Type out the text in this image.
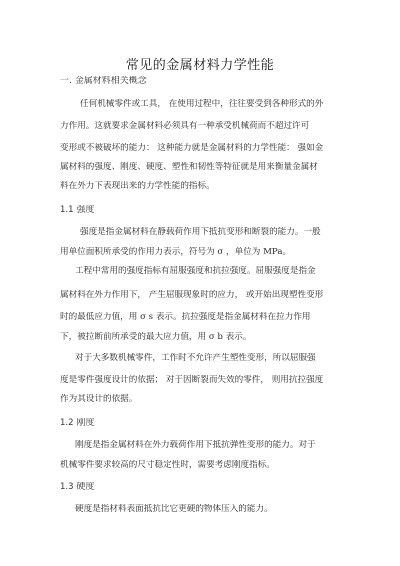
常见的金属材料力学性能
一. 金属材料相关概念
任何机械零件或工具， 在使用过程中，往往要受到各种形式的外
力作用。这就要求金属材料必须具有一种承受机械荷而不超过许可
变形或不被破坏的能力： 这种能力就是金属材料的力学性能： 强如金
属材料的强度、刚度、硬度、塑性和韧性等特征就是用来衡量金属材
料在外力下表现出来的力学性能的指标。
1.1 强度
强度是指金属材料在静载荷作用下抵抗变形和断裂的能力。一般
用单位面积所承受的作用力表示，符号为 σ ，单位为 MPa。
工程中常用的强度指标有屈服强度和抗拉强度。屈服强度是指金
属材料在外力作用下， 产生屈服现象时的应力， 或开始出现塑性变形
时的最低应力值，用 σ s 表示。抗拉强度是指金属材料在拉力作用
下，被拉断前所承受的最大应力值，用 σ b 表示。
对于大多数机械零件，工作时不允许产生塑性变形，所以屈服强
度是零件强度设计的依据； 对于因断裂而失效的零件， 则用抗拉强度
作为其设计的依据。
1.2 刚度
刚度是指金属材料在外力载荷作用下抵抗弹性变形的能力。对于
机械零件要求较高的尺寸稳定性时，需要考虑刚度指标。
1.3 硬度
硬度是指材料表面抵抗比它更硬的物体压入的能力。
